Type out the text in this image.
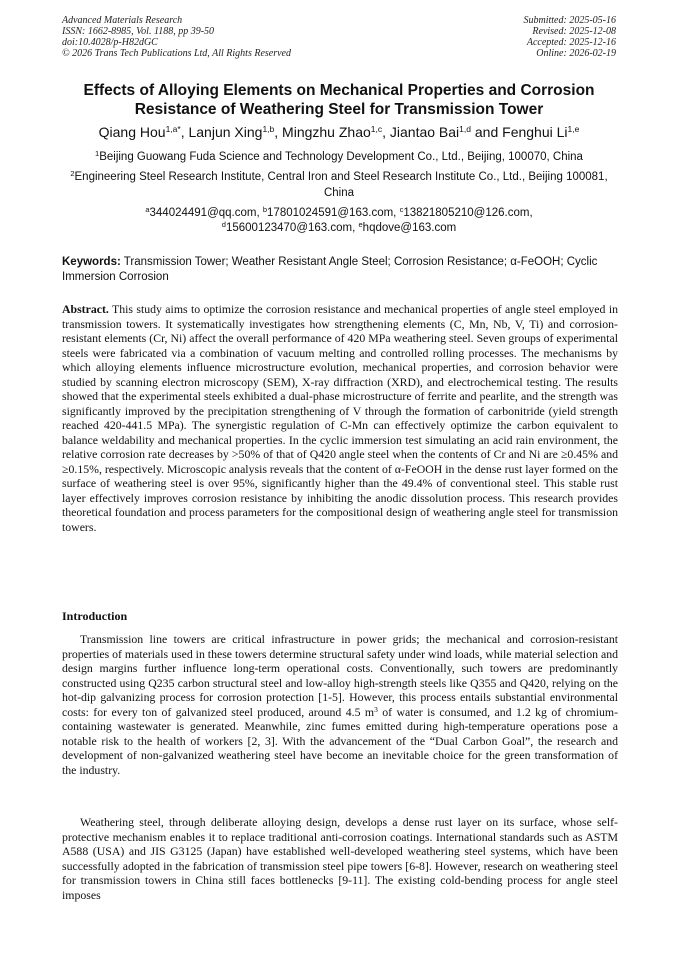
Advanced Materials Research
ISSN: 1662-8985, Vol. 1188, pp 39-50
doi:10.4028/p-H82dGC
© 2026 Trans Tech Publications Ltd, All Rights Reserved
Submitted: 2025-05-16
Revised: 2025-12-08
Accepted: 2025-12-16
Online: 2026-02-19
Effects of Alloying Elements on Mechanical Properties and Corrosion
Resistance of Weathering Steel for Transmission Tower
Qiang Hou$^{1,a*}$, Lanjun Xing$^{1,b}$, Mingzhu Zhao$^{1,c}$, Jiantao Bai$^{1,d}$ and Fenghui Li$^{1,e}$
$^1$Beijing Guowang Fuda Science and Technology Development Co., Ltd., Beijing, 100070, China
$^2$Engineering Steel Research Institute, Central Iron and Steel Research Institute Co., Ltd., Beijing 100081, China
$^a$344024491@qq.com, $^b$17801024591@163.com, $^c$13821805210@126.com,
$^d$15600123470@163.com, $^e$hqdove@163.com
Keywords: Transmission Tower; Weather Resistant Angle Steel; Corrosion Resistance; α-FeOOH; Cyclic Immersion Corrosion
Abstract. This study aims to optimize the corrosion resistance and mechanical properties of angle steel employed in transmission towers. It systematically investigates how strengthening elements (C, Mn, Nb, V, Ti) and corrosion-resistant elements (Cr, Ni) affect the overall performance of 420 MPa weathering steel. Seven groups of experimental steels were fabricated via a combination of vacuum melting and controlled rolling processes. The mechanisms by which alloying elements influence microstructure evolution, mechanical properties, and corrosion behavior were studied by scanning electron microscopy (SEM), X-ray diffraction (XRD), and electrochemical testing. The results showed that the experimental steels exhibited a dual-phase microstructure of ferrite and pearlite, and the strength was significantly improved by the precipitation strengthening of V through the formation of carbonitride (yield strength reached 420-441.5 MPa). The synergistic regulation of C-Mn can effectively optimize the carbon equivalent to balance weldability and mechanical properties. In the cyclic immersion test simulating an acid rain environment, the relative corrosion rate decreases by >50% of that of Q420 angle steel when the contents of Cr and Ni are ≥0.45% and ≥0.15%, respectively. Microscopic analysis reveals that the content of α-FeOOH in the dense rust layer formed on the surface of weathering steel is over 95%, significantly higher than the 49.4% of conventional steel. This stable rust layer effectively improves corrosion resistance by inhibiting the anodic dissolution process. This research provides theoretical foundation and process parameters for the compositional design of weathering angle steel for transmission towers.
Introduction
Transmission line towers are critical infrastructure in power grids; the mechanical and corrosion-resistant properties of materials used in these towers determine structural safety under wind loads, while material selection and design margins further influence long-term operational costs. Conventionally, such towers are predominantly constructed using Q235 carbon structural steel and low-alloy high-strength steels like Q355 and Q420, relying on the hot-dip galvanizing process for corrosion protection [1-5]. However, this process entails substantial environmental costs: for every ton of galvanized steel produced, around 4.5 $m^3$ of water is consumed, and 1.2 kg of chromium-containing wastewater is generated. Meanwhile, zinc fumes emitted during high-temperature operations pose a notable risk to the health of workers [2, 3]. With the advancement of the “Dual Carbon Goal”, the research and development of non-galvanized weathering steel have become an inevitable choice for the green transformation of the industry.
Weathering steel, through deliberate alloying design, develops a dense rust layer on its surface, whose self-protective mechanism enables it to replace traditional anti-corrosion coatings. International standards such as ASTM A588 (USA) and JIS G3125 (Japan) have established well-developed weathering steel systems, which have been successfully adopted in the fabrication of transmission steel pipe towers [6-8]. However, research on weathering steel for transmission towers in China still faces bottlenecks [9-11]. The existing cold-bending process for angle steel imposes
